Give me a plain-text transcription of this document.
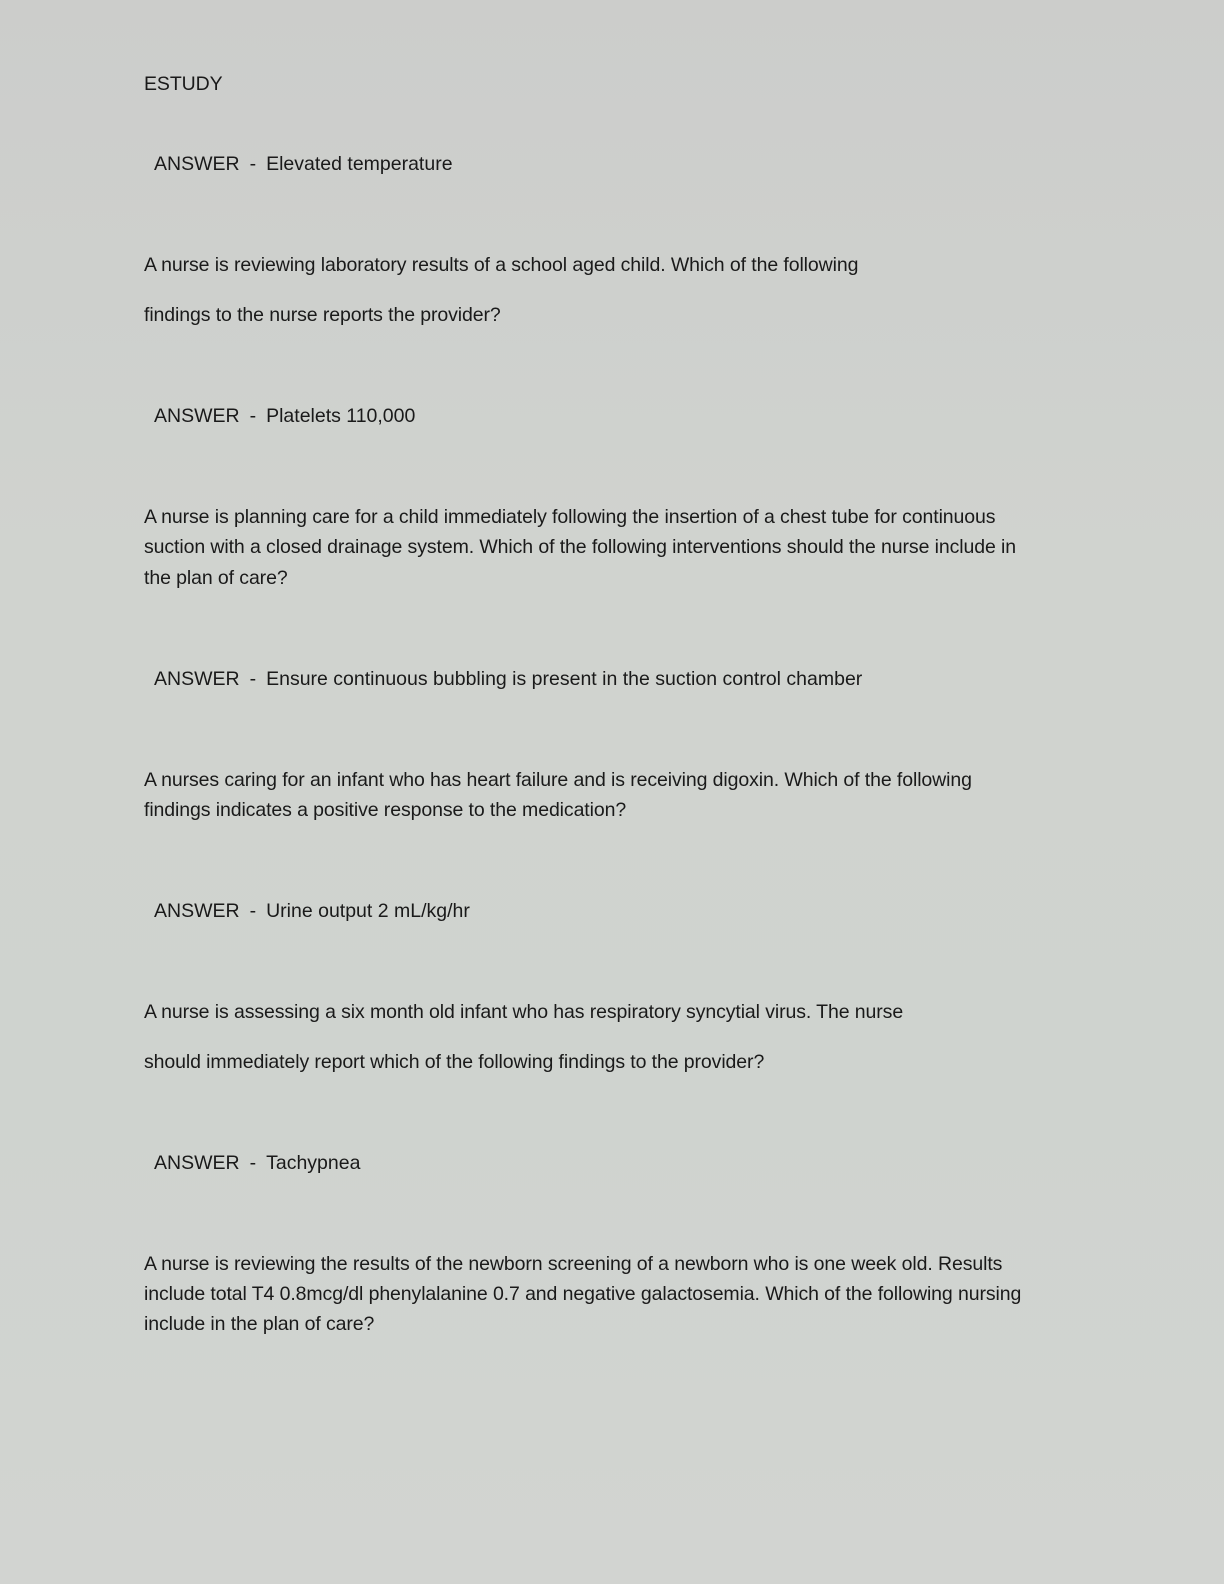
ESTUDY
ANSWER - Elevated temperature
A nurse is reviewing laboratory results of a school aged child. Which of the following
findings to the nurse reports the provider?
ANSWER - Platelets 110,000
A nurse is planning care for a child immediately following the insertion of a chest tube for continuous
suction with a closed drainage system. Which of the following interventions should the nurse include in
the plan of care?
ANSWER - Ensure continuous bubbling is present in the suction control chamber
A nurses caring for an infant who has heart failure and is receiving digoxin. Which of the following
findings indicates a positive response to the medication?
ANSWER - Urine output 2 mL/kg/hr
A nurse is assessing a six month old infant who has respiratory syncytial virus. The nurse
should immediately report which of the following findings to the provider?
ANSWER - Tachypnea
A nurse is reviewing the results of the newborn screening of a newborn who is one week old. Results
include total T4 0.8mcg/dl phenylalanine 0.7 and negative galactosemia. Which of the following nursing
include in the plan of care?
